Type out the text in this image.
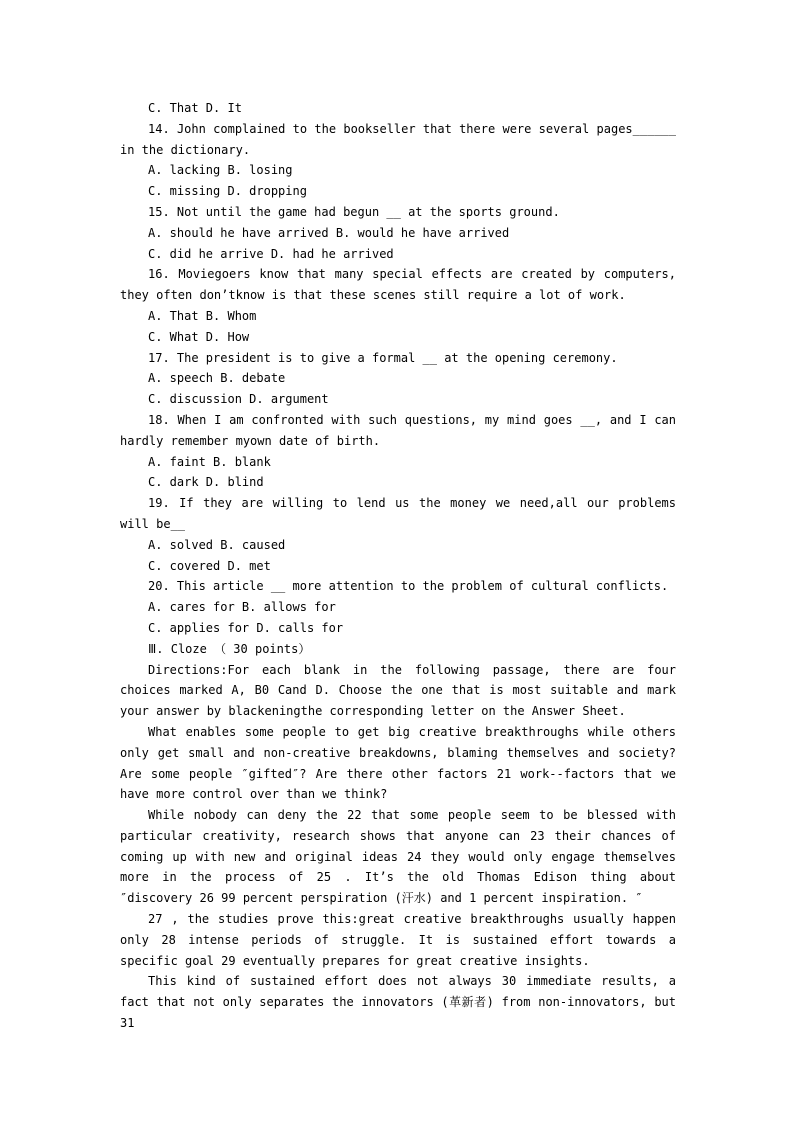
C. That D. It

14. John complained to the bookseller that there were several pages______ in the dictionary.

A. lacking B. losing

C. missing D. dropping

15. Not until the game had begun __ at the sports ground.

A. should he have arrived B. would he have arrived

C. did he arrive D. had he arrived

16. Moviegoers know that many special effects are created by computers, they often don’tknow is that these scenes still require a lot of work.

A. That B. Whom

C. What D. How

17. The president is to give a formal __ at the opening ceremony.

A. speech B. debate

C. discussion D. argument

18. When I am confronted with such questions, my mind goes __, and I can hardly remember myown date of birth.

A. faint B. blank

C. dark D. blind

19. If they are willing to lend us the money we need,all our problems will be__

A. solved B. caused

C. covered D. met

20. This article __ more attention to the problem of cultural conflicts.

A. cares for B. allows for

C. applies for D. calls for

Ⅲ. Cloze （ 30 points）

Directions:For each blank in the following passage, there are four choices marked A, B0 Cand D. Choose the one that is most suitable and mark your answer by blackeningthe corresponding letter on the Answer Sheet.

What enables some people to get big creative breakthroughs while others only get small and non-creative breakdowns, blaming themselves and society? Are some people ″gifted″? Are there other factors 21 work--factors that we have more control over than we think?

While nobody can deny the 22 that some people seem to be blessed with particular creativity, research shows that anyone can 23 their chances of coming up with new and original ideas 24 they would only engage themselves more in the process of 25 . It’s the old Thomas Edison thing about ″discovery 26 99 percent perspiration (汗水) and 1 percent inspiration. ″

27 , the studies prove this:great creative breakthroughs usually happen only 28 intense periods of struggle. It is sustained effort towards a specific goal 29 eventually prepares for great creative insights.

This kind of sustained effort does not always 30 immediate results, a fact that not only separates the innovators (革新者) from non-innovators, but 31
